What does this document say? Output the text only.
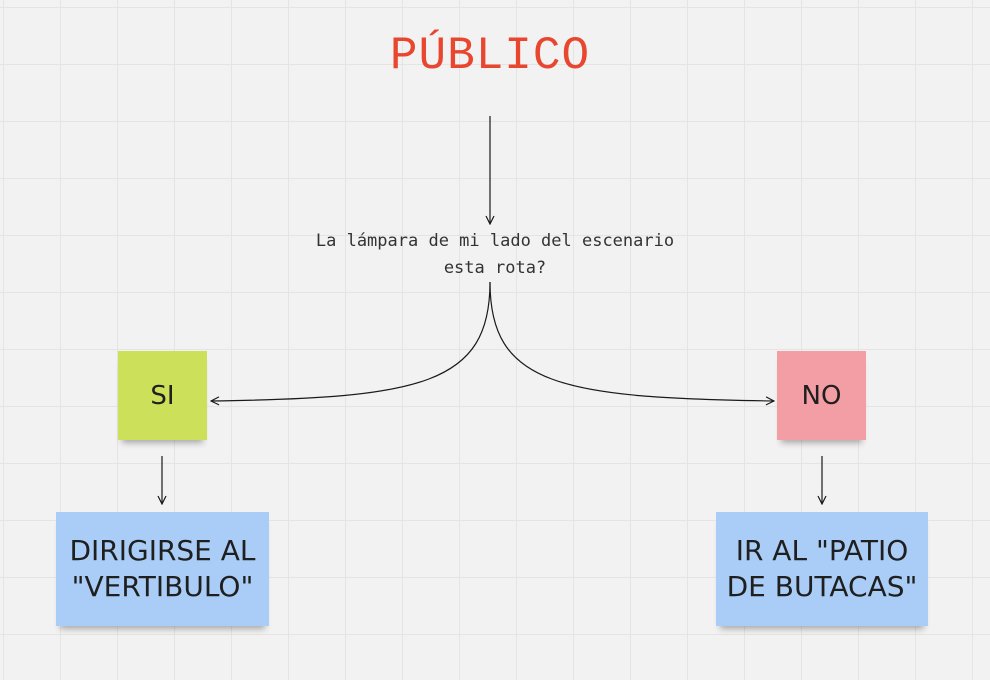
PÚBLICO
La lámpara de mi lado del escenario esta rota?
SI	NO
DIRIGIRSE AL "VERTIBULO"
IR AL "PATIO DE BUTACAS"
